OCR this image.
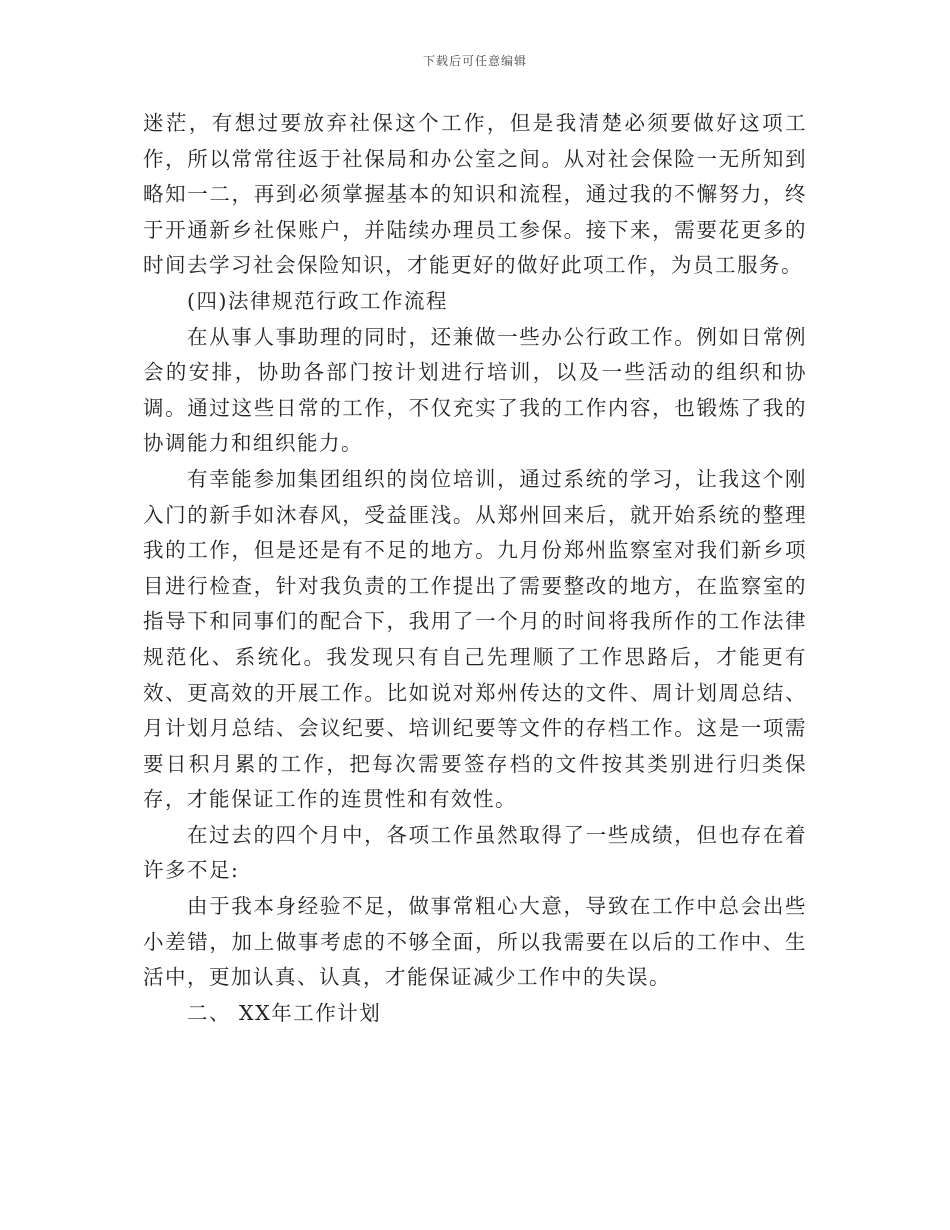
下载后可任意编辑

迷茫，有想过要放弃社保这个工作，但是我清楚必须要做好这项工作，所以常常往返于社保局和办公室之间。从对社会保险一无所知到略知一二，再到必须掌握基本的知识和流程，通过我的不懈努力，终于开通新乡社保账户，并陆续办理员工参保。接下来，需要花更多的时间去学习社会保险知识，才能更好的做好此项工作，为员工服务。

(四)法律规范行政工作流程

在从事人事助理的同时，还兼做一些办公行政工作。例如日常例会的安排，协助各部门按计划进行培训，以及一些活动的组织和协调。通过这些日常的工作，不仅充实了我的工作内容，也锻炼了我的协调能力和组织能力。

有幸能参加集团组织的岗位培训，通过系统的学习，让我这个刚入门的新手如沐春风，受益匪浅。从郑州回来后，就开始系统的整理我的工作，但是还是有不足的地方。九月份郑州监察室对我们新乡项目进行检查，针对我负责的工作提出了需要整改的地方，在监察室的指导下和同事们的配合下，我用了一个月的时间将我所作的工作法律规范化、系统化。我发现只有自己先理顺了工作思路后，才能更有效、更高效的开展工作。比如说对郑州传达的文件、周计划周总结、月计划月总结、会议纪要、培训纪要等文件的存档工作。这是一项需要日积月累的工作，把每次需要签存档的文件按其类别进行归类保存，才能保证工作的连贯性和有效性。

在过去的四个月中，各项工作虽然取得了一些成绩，但也存在着许多不足:

由于我本身经验不足，做事常粗心大意，导致在工作中总会出些小差错，加上做事考虑的不够全面，所以我需要在以后的工作中、生活中，更加认真、认真，才能保证减少工作中的失误。

二、 XX年工作计划
